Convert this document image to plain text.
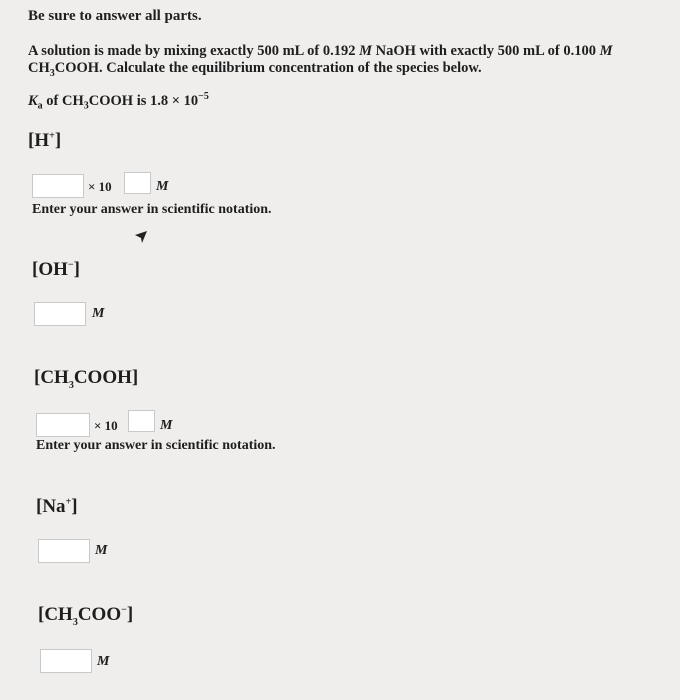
Be sure to answer all parts.
A solution is made by mixing exactly 500 mL of 0.192 M NaOH with exactly 500 mL of 0.100 M
$CH_3COOH$. Calculate the equilibrium concentration of the species below.
$K_a$ of $CH_3COOH$ is $1.8 \times 10^{-5}$
[H+]
× 10	M
Enter your answer in scientific notation.
[OH−]
M
$[CH_3COOH]$
× 10	M
Enter your answer in scientific notation.
[Na+]
M
$[CH_3COO^-]$
M
